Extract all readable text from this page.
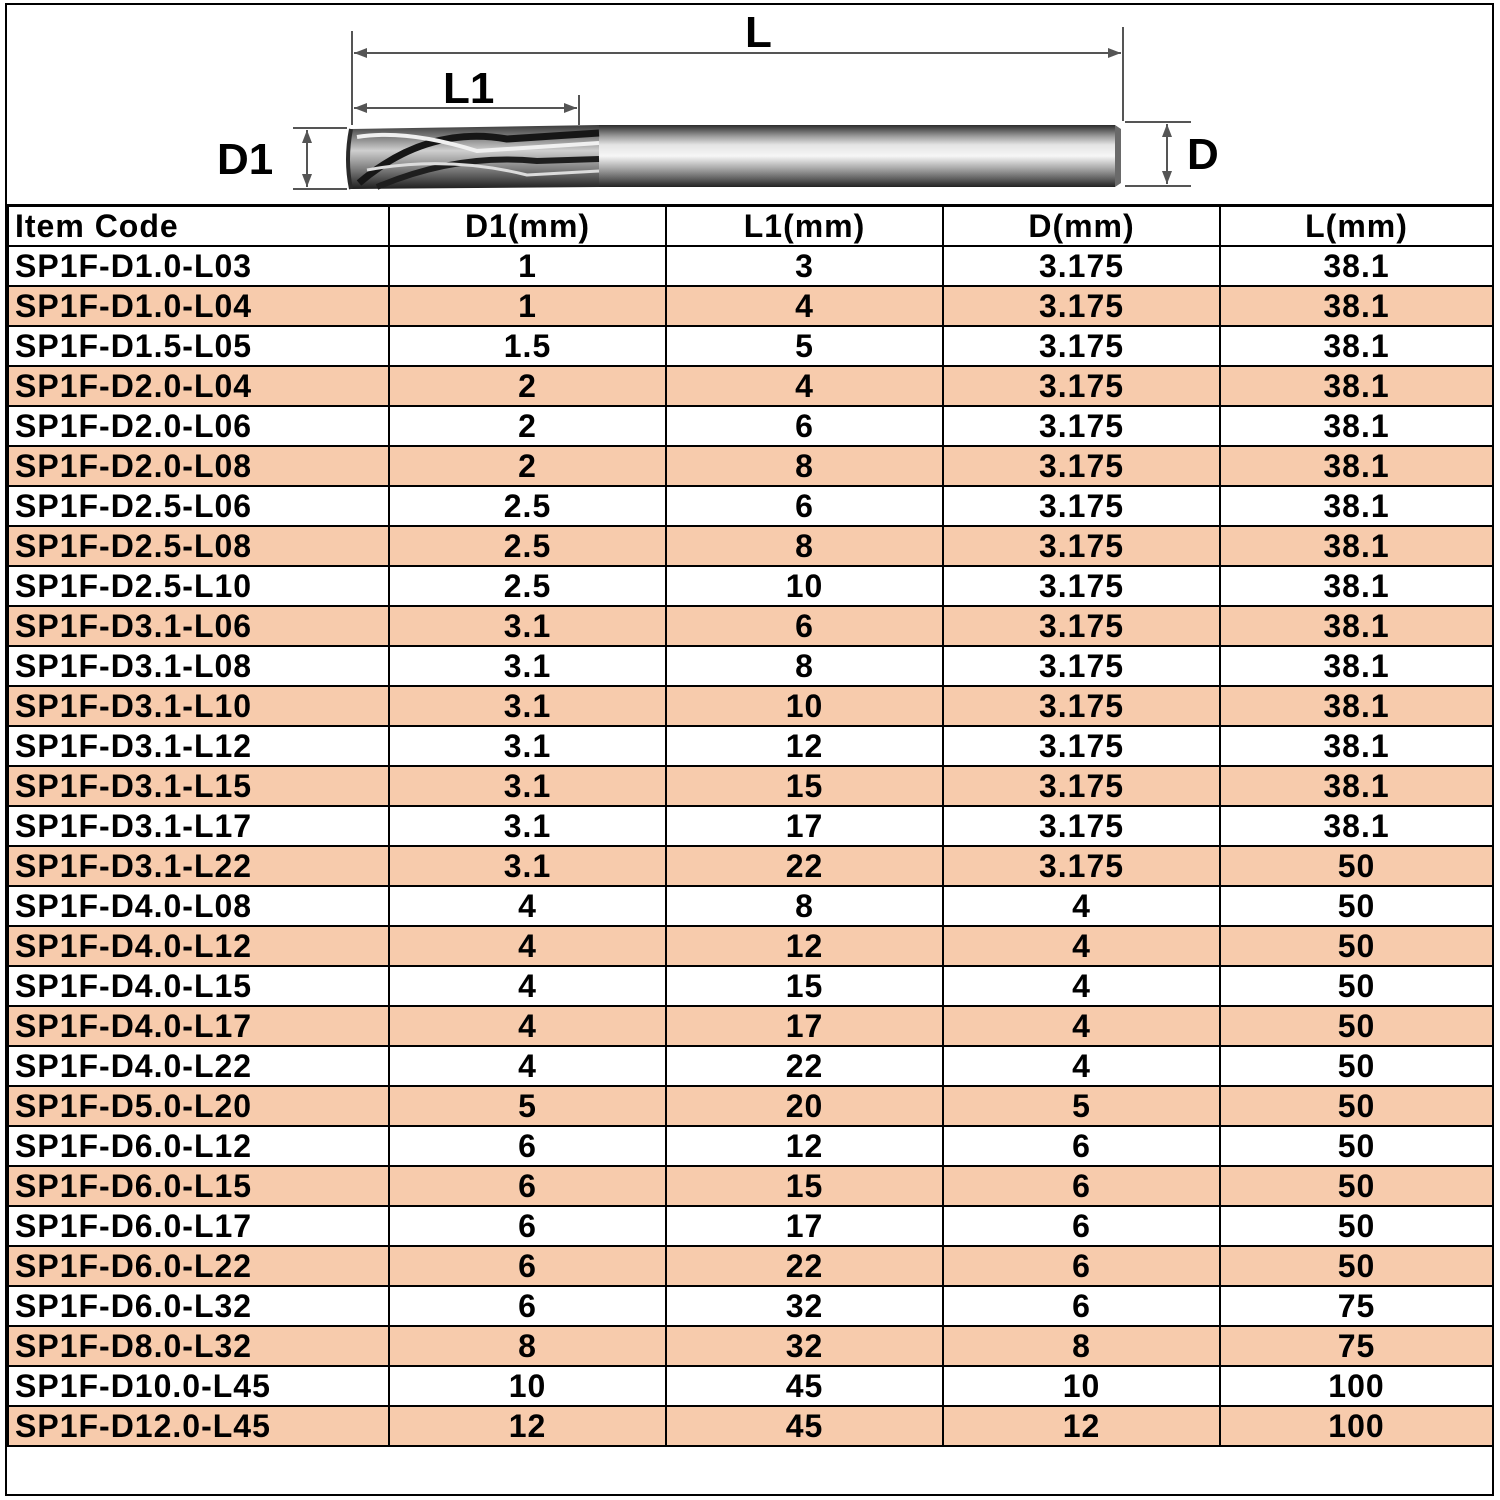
L
L1
D1	D
Item Code	D1(mm)	L1(mm)	D(mm)	L(mm)
SP1F-D1.0-L03	1	3	3.175	38.1
SP1F-D1.0-L04	1	4	3.175	38.1
SP1F-D1.5-L05	1.5	5	3.175	38.1
SP1F-D2.0-L04	2	4	3.175	38.1
SP1F-D2.0-L06	2	6	3.175	38.1
SP1F-D2.0-L08	2	8	3.175	38.1
SP1F-D2.5-L06	2.5	6	3.175	38.1
SP1F-D2.5-L08	2.5	8	3.175	38.1
SP1F-D2.5-L10	2.5	10	3.175	38.1
SP1F-D3.1-L06	3.1	6	3.175	38.1
SP1F-D3.1-L08	3.1	8	3.175	38.1
SP1F-D3.1-L10	3.1	10	3.175	38.1
SP1F-D3.1-L12	3.1	12	3.175	38.1
SP1F-D3.1-L15	3.1	15	3.175	38.1
SP1F-D3.1-L17	3.1	17	3.175	38.1
SP1F-D3.1-L22	3.1	22	3.175	50
SP1F-D4.0-L08	4	8	4	50
SP1F-D4.0-L12	4	12	4	50
SP1F-D4.0-L15	4	15	4	50
SP1F-D4.0-L17	4	17	4	50
SP1F-D4.0-L22	4	22	4	50
SP1F-D5.0-L20	5	20	5	50
SP1F-D6.0-L12	6	12	6	50
SP1F-D6.0-L15	6	15	6	50
SP1F-D6.0-L17	6	17	6	50
SP1F-D6.0-L22	6	22	6	50
SP1F-D6.0-L32	6	32	6	75
SP1F-D8.0-L32	8	32	8	75
SP1F-D10.0-L45	10	45	10	100
SP1F-D12.0-L45	12	45	12	100
